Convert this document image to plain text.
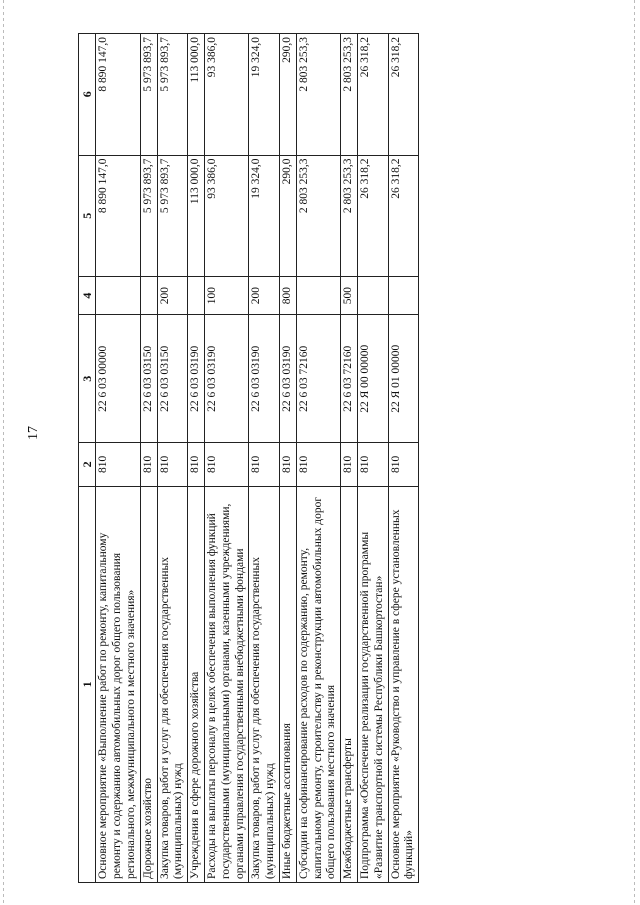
17
1	2	3	4	5	6
Основное мероприятие «Выполнение работ по ремонту, капитальному ремонту и содержанию автомобильных дорог общего пользования регионального, межмуниципального и местного значения»	810	22 6 03 00000		8 890 147,0	8 890 147,0
Дорожное хозяйство	810	22 6 03 03150		5 973 893,7	5 973 893,7
Закупка товаров, работ и услуг для обеспечения государственных (муниципальных) нужд	810	22 6 03 03150	200	5 973 893,7	5 973 893,7
Учреждения в сфере дорожного хозяйства	810	22 6 03 03190		113 000,0	113 000,0
Расходы на выплаты персоналу в целях обеспечения выполнения функций государственными (муниципальными) органами, казенными учреждениями, органами управления государственными внебюджетными фондами	810	22 6 03 03190	100	93 386,0	93 386,0
Закупка товаров, работ и услуг для обеспечения государственных (муниципальных) нужд	810	22 6 03 03190	200	19 324,0	19 324,0
Иные бюджетные ассигнования	810	22 6 03 03190	800	290,0	290,0
Субсидии на софинансирование расходов по содержанию, ремонту, капитальному ремонту, строительству и реконструкции автомобильных дорог общего пользования местного значения	810	22 6 03 72160		2 803 253,3	2 803 253,3
Межбюджетные трансферты	810	22 6 03 72160	500	2 803 253,3	2 803 253,3
Подпрограмма «Обеспечение реализации государственной программы «Развитие транспортной системы Республики Башкортостан»	810	22 Я 00 00000		26 318,2	26 318,2
Основное мероприятие «Руководство и управление в сфере установленных функций»	810	22 Я 01 00000		26 318,2	26 318,2
